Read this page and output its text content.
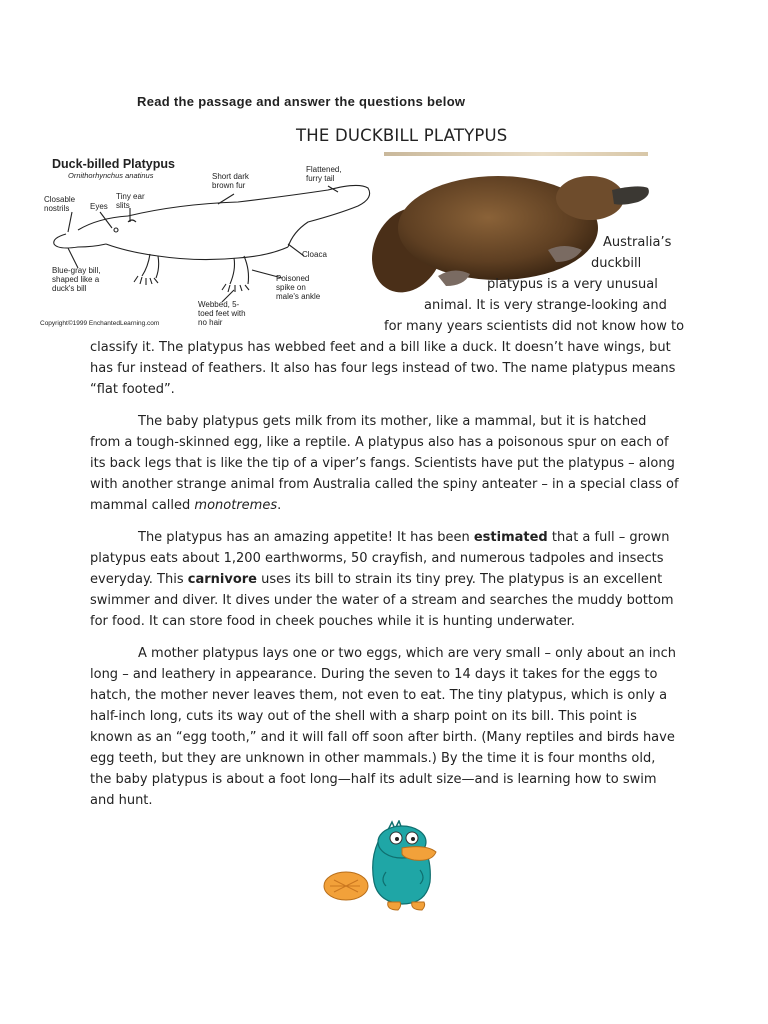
Read the passage and answer the questions below
THE DUCKBILL PLATYPUS
Duck-billed Platypus
Ornithorhynchus anatinus
Closable nostrils	Eyes
Tiny ear slits
Short dark brown fur
Flattened, furry tail
Cloaca
Blue-gray bill, shaped like a duck's bill
Poisoned spike on male's ankle
Webbed, 5-toed feet with no hair
Copyright©1999 EnchantedLearning.com
Australia’s
duckbill
platypus is a very unusual
animal. It is very strange-looking and
for many years scientists did not know how to

classify it. The platypus has webbed feet and a bill like a duck. It doesn’t have wings, but has fur instead of feathers. It also has four legs instead of two. The name platypus means “flat footed”.

The baby platypus gets milk from its mother, like a mammal, but it is hatched from a tough-skinned egg, like a reptile. A platypus also has a poisonous spur on each of its back legs that is like the tip of a viper’s fangs. Scientists have put the platypus – along with another strange animal from Australia called the spiny anteater – in a special class of mammal called monotremes.

The platypus has an amazing appetite! It has been estimated that a full – grown platypus eats about 1,200 earthworms, 50 crayfish, and numerous tadpoles and insects everyday. This carnivore uses its bill to strain its tiny prey. The platypus is an excellent swimmer and diver. It dives under the water of a stream and searches the muddy bottom for food. It can store food in cheek pouches while it is hunting underwater.

A mother platypus lays one or two eggs, which are very small – only about an inch long – and leathery in appearance. During the seven to 14 days it takes for the eggs to hatch, the mother never leaves them, not even to eat. The tiny platypus, which is only a half-inch long, cuts its way out of the shell with a sharp point on its bill. This point is known as an “egg tooth,” and it will fall off soon after birth. (Many reptiles and birds have egg teeth, but they are unknown in other mammals.) By the time it is four months old, the baby platypus is about a foot long—half its adult size—and is learning how to swim and hunt.
